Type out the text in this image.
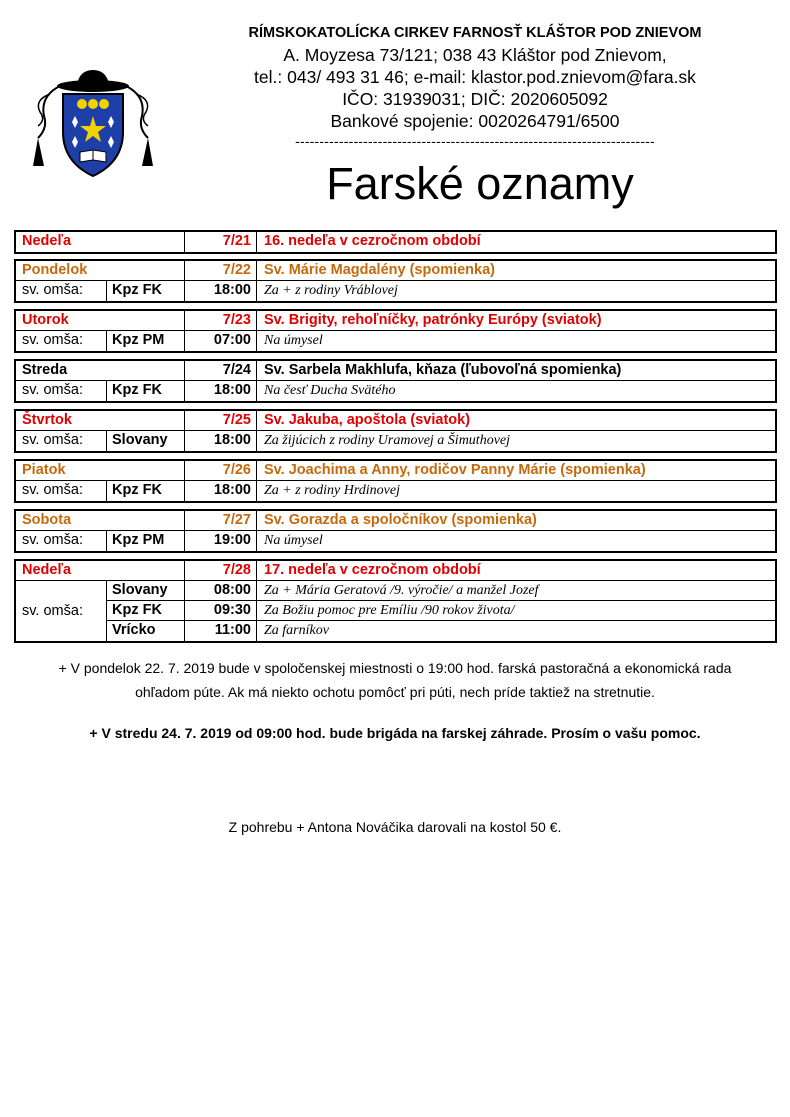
RÍMSKOKATOLÍCKA CIRKEV FARNOSŤ KLÁŠTOR POD ZNIEVOM
A. Moyzesa 73/121; 038 43 Kláštor pod Znievom,
tel.: 043/ 493 31 46; e-mail: klastor.pod.znievom@fara.sk
IČO: 31939031; DIČ: 2020605092
Bankové spojenie: 0020264791/6500
--------------------------------------------------------------------------
Farské oznamy
Nedeľa	7/21 16. nedeľa v cezročnom období
Pondelok	7/22 Sv. Márie Magdalény (spomienka)
sv. omša:	Kpz FK	18:00 Za + z rodiny Vráblovej
Utorok	7/23 Sv. Brigity, rehoľníčky, patrónky Európy (sviatok)
sv. omša:	Kpz PM	07:00 Na úmysel
Streda	7/24 Sv. Sarbela Makhlufa, kňaza (ľubovoľná spomienka)
sv. omša:	Kpz FK	18:00 Na česť Ducha Svätého
Štvrtok	7/25 Sv. Jakuba, apoštola (sviatok)
sv. omša:	Slovany	18:00 Za žijúcich z rodiny Uramovej a Šimuthovej
Piatok	7/26 Sv. Joachima a Anny, rodičov Panny Márie (spomienka)
sv. omša:	Kpz FK	18:00 Za + z rodiny Hrdinovej
Sobota	7/27 Sv. Gorazda a spoločníkov (spomienka)
sv. omša:	Kpz PM	19:00 Na úmysel
Nedeľa	7/28 17. nedeľa v cezročnom období
sv. omša:
Slovany	08:00 Za + Mária Geratová /9. výročie/ a manžel Jozef
Kpz FK	09:30 Za Božiu pomoc pre Emíliu /90 rokov života/
Vrícko	11:00 Za farníkov
+ V pondelok 22. 7. 2019 bude v spoločenskej miestnosti o 19:00 hod. farská pastoračná a ekonomická rada
ohľadom púte. Ak má niekto ochotu pomôcť pri púti, nech príde taktiež na stretnutie.
+ V stredu 24. 7. 2019 od 09:00 hod. bude brigáda na farskej záhrade. Prosím o vašu pomoc.
Z pohrebu + Antona Nováčika darovali na kostol 50 €.
